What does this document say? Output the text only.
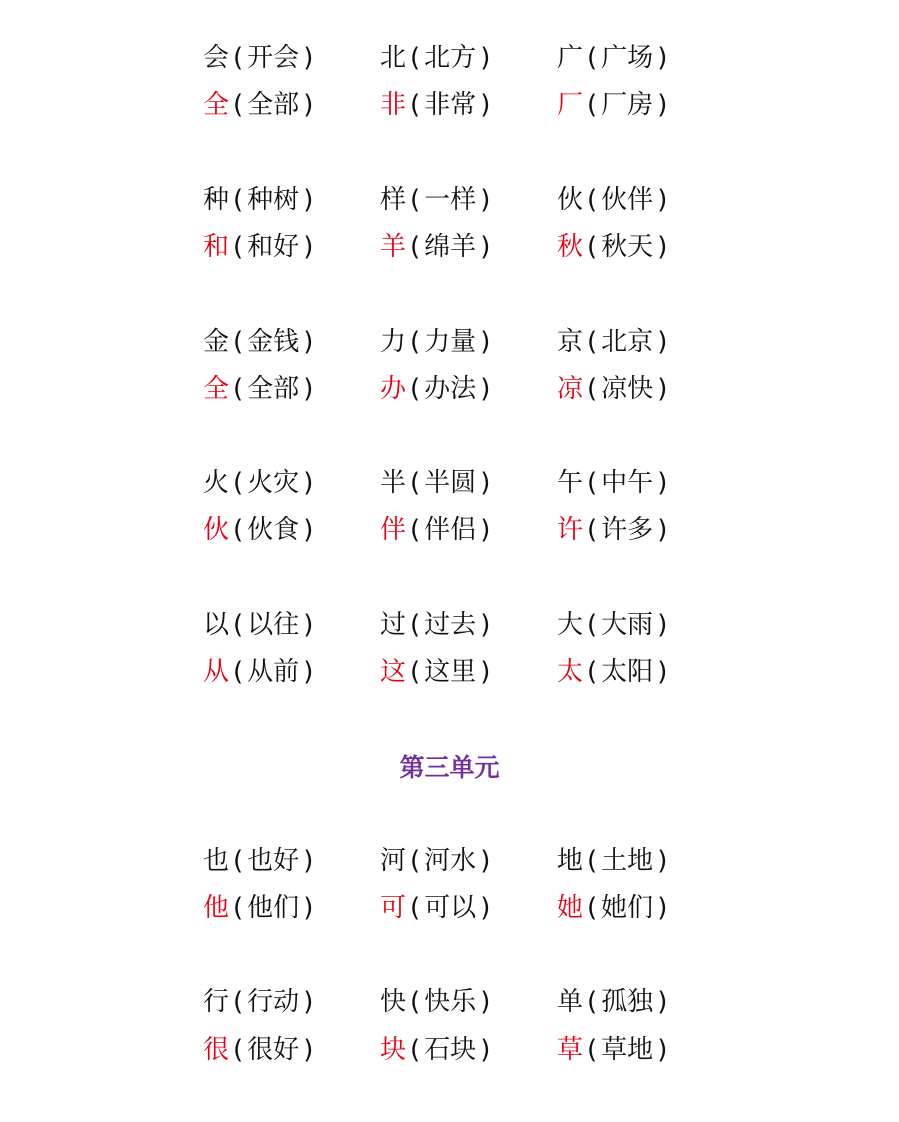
会 ( 开会 )	北 ( 北方 )	广 ( 广场 )
全 ( 全部 )	非 ( 非常 )	厂 ( 厂房 )
种 ( 种树 )	样 ( 一样 )	伙 ( 伙伴 )
和 ( 和好 )	羊 ( 绵羊 )	秋 ( 秋天 )
金 ( 金钱 )	力 ( 力量 )	京 ( 北京 )
全 ( 全部 )	办 ( 办法 )	凉 ( 凉快 )
火 ( 火灾 )	半 ( 半圆 )	午 ( 中午 )
伙 ( 伙食 )	伴 ( 伴侣 )	许 ( 许多 )
以 ( 以往 )	过 ( 过去 )	大 ( 大雨 )
从 ( 从前 )	这 ( 这里 )	太 ( 太阳 )
第三单元
也 ( 也好 )	河 ( 河水 )	地 ( 土地 )
他 ( 他们 )	可 ( 可以 )	她 ( 她们 )
行 ( 行动 )	快 ( 快乐 )	单 ( 孤独 )
很 ( 很好 )	块 ( 石块 )	草 ( 草地 )
